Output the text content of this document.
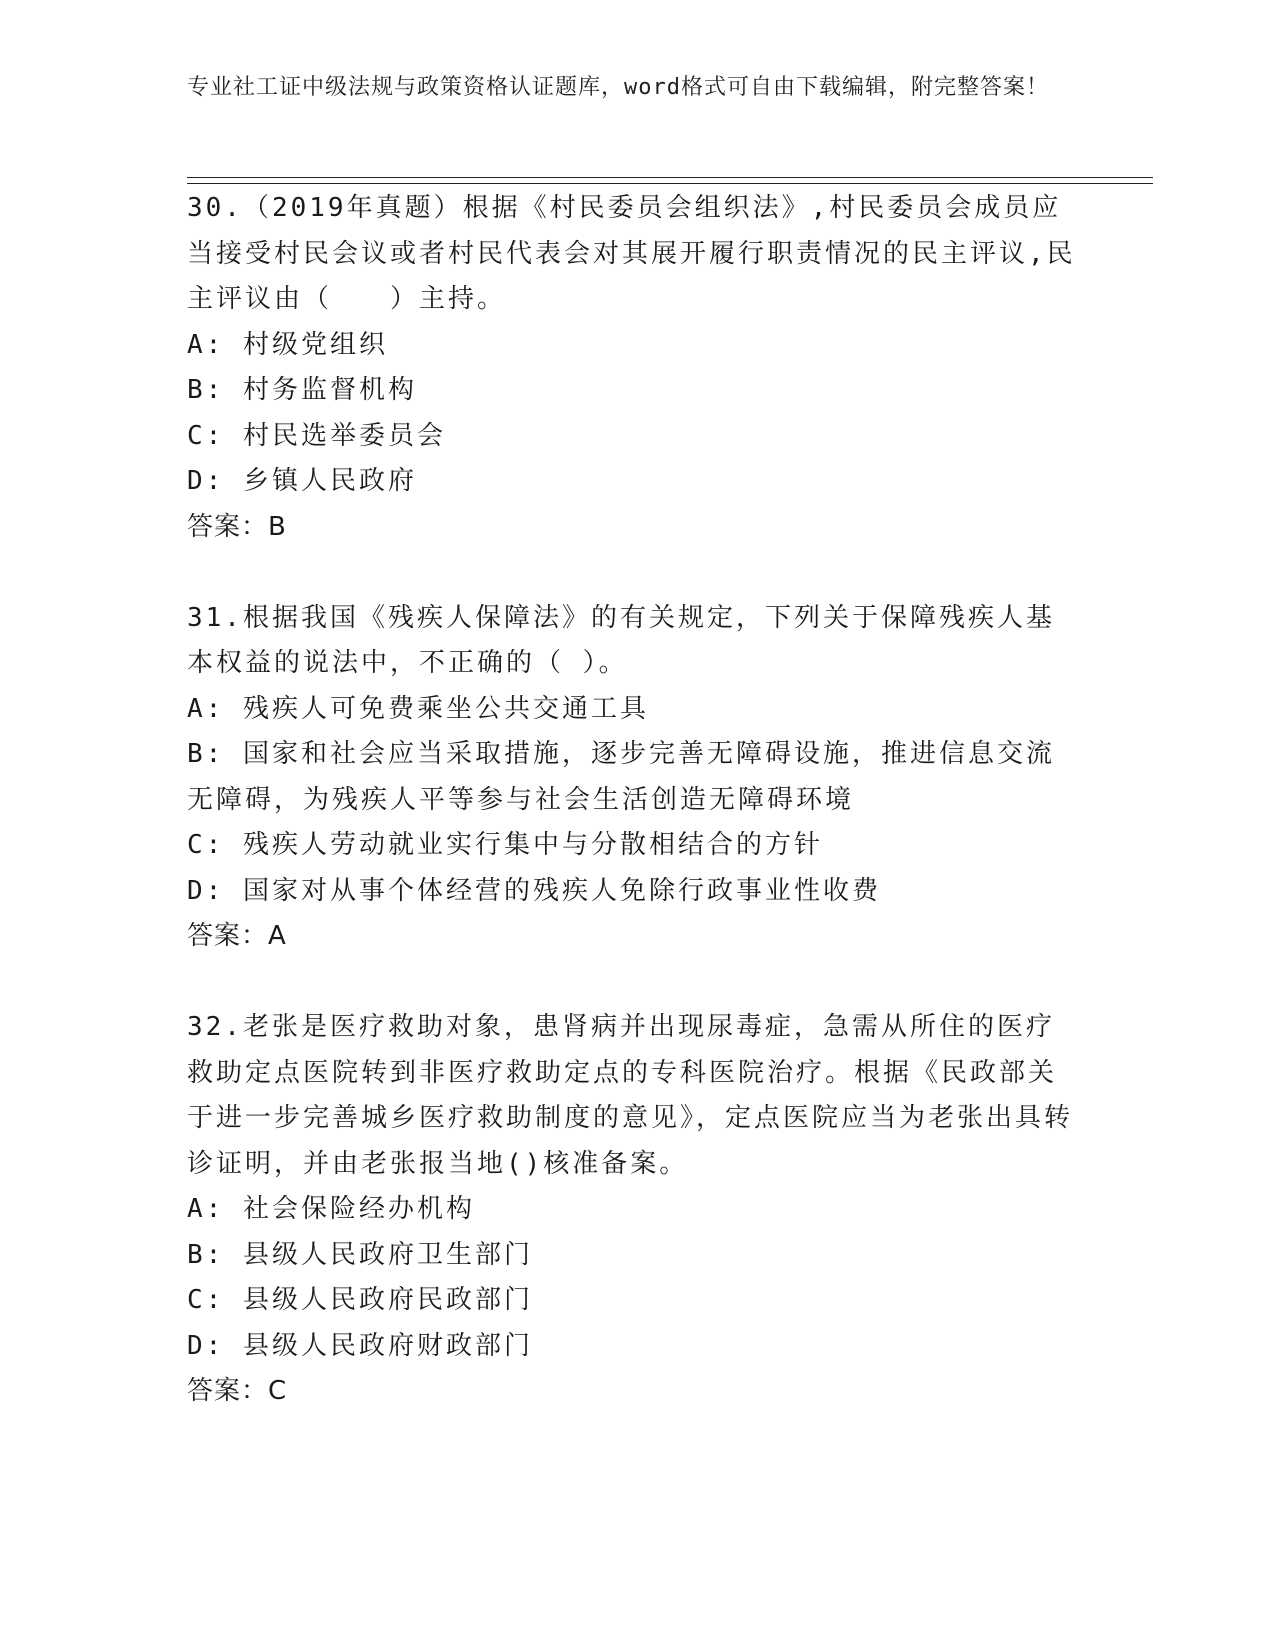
专业社工证中级法规与政策资格认证题库，word格式可自由下载编辑，附完整答案！

30.（2019年真题）根据《村民委员会组织法》,村民委员会成员应当接受村民会议或者村民代表会对其展开履行职责情况的民主评议,民主评议由（　　）主持。

A: 村级党组织

B: 村务监督机构

C: 村民选举委员会

D: 乡镇人民政府

答案：B

31.根据我国《残疾人保障法》的有关规定，下列关于保障残疾人基本权益的说法中，不正确的（ ）。

A: 残疾人可免费乘坐公共交通工具

B: 国家和社会应当采取措施，逐步完善无障碍设施，推进信息交流无障碍，为残疾人平等参与社会生活创造无障碍环境

C: 残疾人劳动就业实行集中与分散相结合的方针

D: 国家对从事个体经营的残疾人免除行政事业性收费

答案：A

32.老张是医疗救助对象，患肾病并出现尿毒症，急需从所住的医疗救助定点医院转到非医疗救助定点的专科医院治疗。根据《民政部关于进一步完善城乡医疗救助制度的意见》，定点医院应当为老张出具转诊证明，并由老张报当地()核准备案。

A: 社会保险经办机构

B: 县级人民政府卫生部门

C: 县级人民政府民政部门

D: 县级人民政府财政部门

答案：C
